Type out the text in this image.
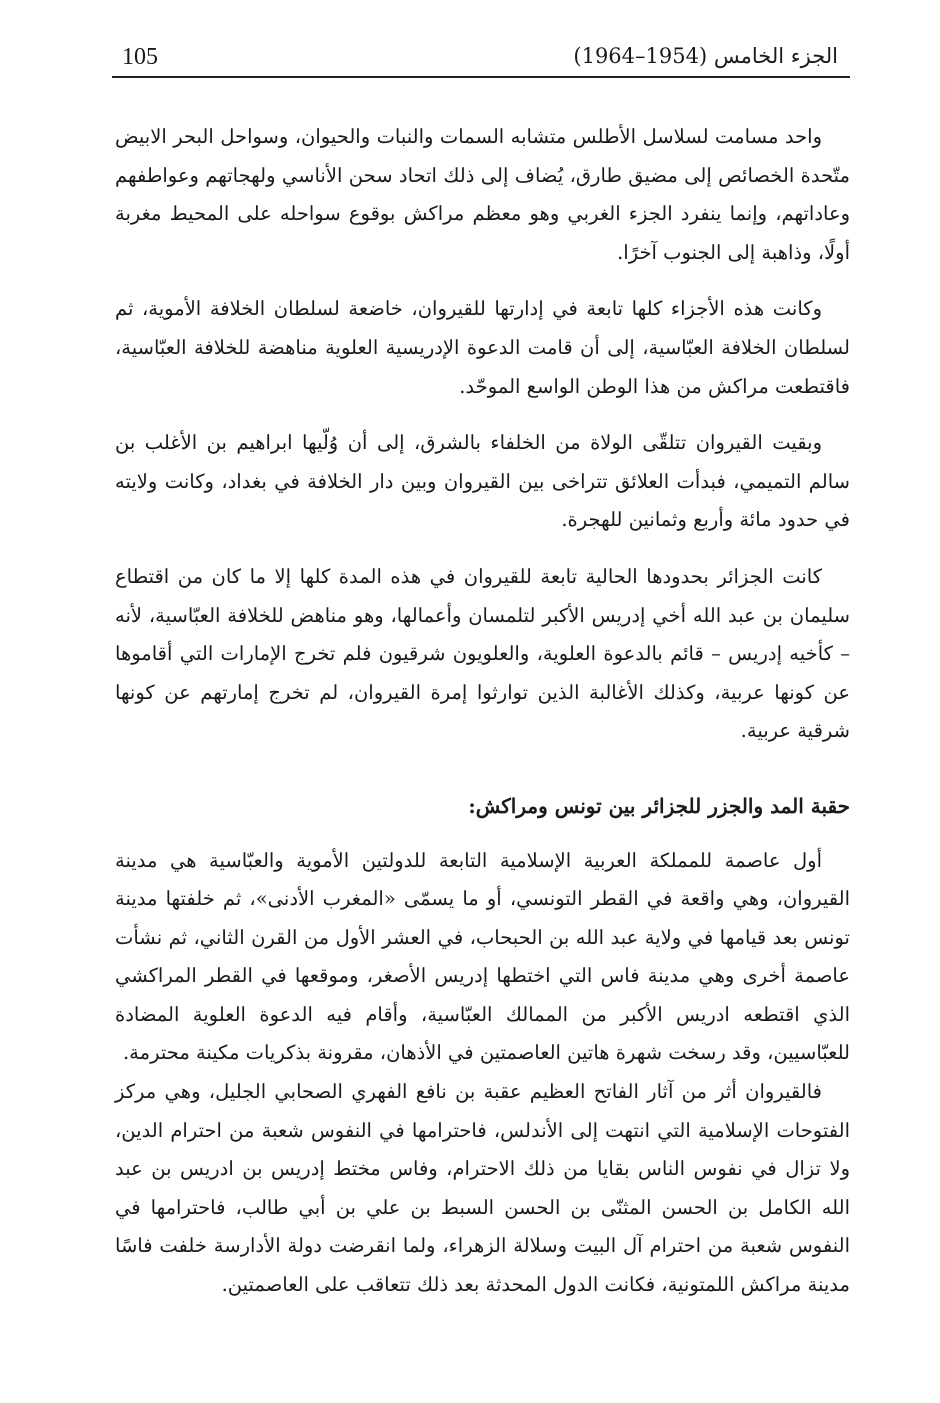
105	الجزء الخامس (1954–1964)

واحد مسامت لسلاسل الأطلس متشابه السمات والنبات والحيوان، وسواحل البحر الابيض متّحدة الخصائص إلى مضيق طارق، يُضاف إلى ذلك اتحاد سحن الأناسي ولهجاتهم وعواطفهم وعاداتهم، وإنما ينفرد الجزء الغربي وهو معظم مراكش بوقوع سواحله على المحيط مغربة أولًا، وذاهبة إلى الجنوب آخرًا.

وكانت هذه الأجزاء كلها تابعة في إدارتها للقيروان، خاضعة لسلطان الخلافة الأموية، ثم لسلطان الخلافة العبّاسية، إلى أن قامت الدعوة الإدريسية العلوية مناهضة للخلافة العبّاسية، فاقتطعت مراكش من هذا الوطن الواسع الموحّد.

وبقيت القيروان تتلقّى الولاة من الخلفاء بالشرق، إلى أن وُلّيها ابراهيم بن الأغلب بن سالم التميمي، فبدأت العلائق تتراخى بين القيروان وبين دار الخلافة في بغداد، وكانت ولايته في حدود مائة وأربع وثمانين للهجرة.

كانت الجزائر بحدودها الحالية تابعة للقيروان في هذه المدة كلها إلا ما كان من اقتطاع سليمان بن عبد الله أخي إدريس الأكبر لتلمسان وأعمالها، وهو مناهض للخلافة العبّاسية، لأنه – كأخيه إدريس – قائم بالدعوة العلوية، والعلويون شرقيون فلم تخرج الإمارات التي أقاموها عن كونها عربية، وكذلك الأغالبة الذين توارثوا إمرة القيروان، لم تخرج إمارتهم عن كونها شرقية عربية.

حقبة المد والجزر للجزائر بين تونس ومراكش:

أول عاصمة للمملكة العربية الإسلامية التابعة للدولتين الأموية والعبّاسية هي مدينة القيروان، وهي واقعة في القطر التونسي، أو ما يسمّى «المغرب الأدنى»، ثم خلفتها مدينة تونس بعد قيامها في ولاية عبد الله بن الحبحاب، في العشر الأول من القرن الثاني، ثم نشأت عاصمة أخرى وهي مدينة فاس التي اختطها إدريس الأصغر، وموقعها في القطر المراكشي الذي اقتطعه ادريس الأكبر من الممالك العبّاسية، وأقام فيه الدعوة العلوية المضادة للعبّاسيين، وقد رسخت شهرة هاتين العاصمتين في الأذهان، مقرونة بذكريات مكينة محترمة.

فالقيروان أثر من آثار الفاتح العظيم عقبة بن نافع الفهري الصحابي الجليل، وهي مركز الفتوحات الإسلامية التي انتهت إلى الأندلس، فاحترامها في النفوس شعبة من احترام الدين، ولا تزال في نفوس الناس بقايا من ذلك الاحترام، وفاس مختط إدريس بن ادريس بن عبد الله الكامل بن الحسن المثنّى بن الحسن السبط بن علي بن أبي طالب، فاحترامها في النفوس شعبة من احترام آل البيت وسلالة الزهراء، ولما انقرضت دولة الأدارسة خلفت فاسًا مدينة مراكش اللمتونية، فكانت الدول المحدثة بعد ذلك تتعاقب على العاصمتين.
